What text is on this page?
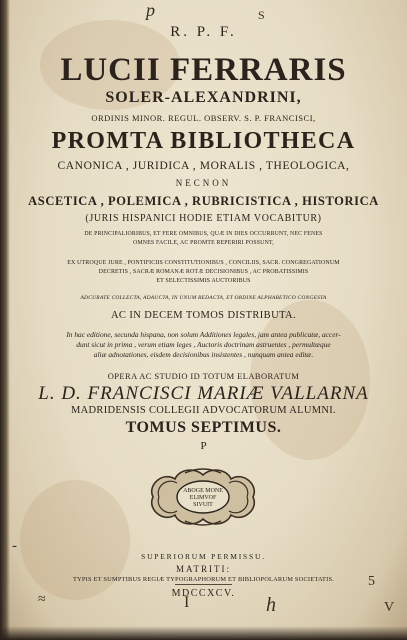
R. P. F.

LUCII FERRARIS

SOLER-ALEXANDRINI,

ORDINIS MINOR. REGUL. OBSERV. S. P. FRANCISCI,

PROMTA BIBLIOTHECA

CANONICA , JURIDICA , MORALIS , THEOLOGICA,

NECNON

ASCETICA , POLEMICA , RUBRICISTICA , HISTORICA

(JURIS HISPANICI HODIE ETIAM VOCABITUR)

DE PRINCIPALIORIBUS, ET FERE OMNIBUS, QUÆ IN DIES OCCURRUNT, NEC FENES

OMNES FACILE, AC PROMTE REPERIRI POSSUNT,

EX UTROQUE JURE , PONTIFICIIS CONSTITUTIONIBUS , CONCILIIS, SACR. CONGREGATIONUM

DECRETIS , SACRÆ ROMANÆ ROTÆ DECISIONIBUS , AC PROBATISSIMIS

ET SELECTISSIMIS AUCTORIBUS

ADCURATE COLLECTA, ADAUCTA, IN UNUM REDACTA, ET ORDINE ALPHABETICO CONGESTA

AC IN DECEM TOMOS DISTRIBUTA.

In hac editione, secunda hispana, non solum Additiones legales, jam antea publicatæ, accer-

dunt sicut in prima , verum etiam leges , Auctoris doctrinam astruentes , permultæque

aliæ adnotationes, eisdem decisionibus insistentes , nunquam antea editæ.

OPERA AC STUDIO ID TOTUM ELABORATUM

L. D. FRANCISCI MARIÆ VALLARNA

MADRIDENSIS COLLEGII ADVOCATORUM ALUMNI.

TOMUS SEPTIMUS.

P

ABOGE MONE
ELIMVOF
SIVUIT

SUPERIORUM PERMISSU.

MATRITI:

TYPIS ET SUMPTIBUS REGIÆ TYPOGRAPHORUM ET BIBLIOPOLARUM SOCIETATIS.

MDCCXCV.

p	S
-
≈	I	h
5
V
